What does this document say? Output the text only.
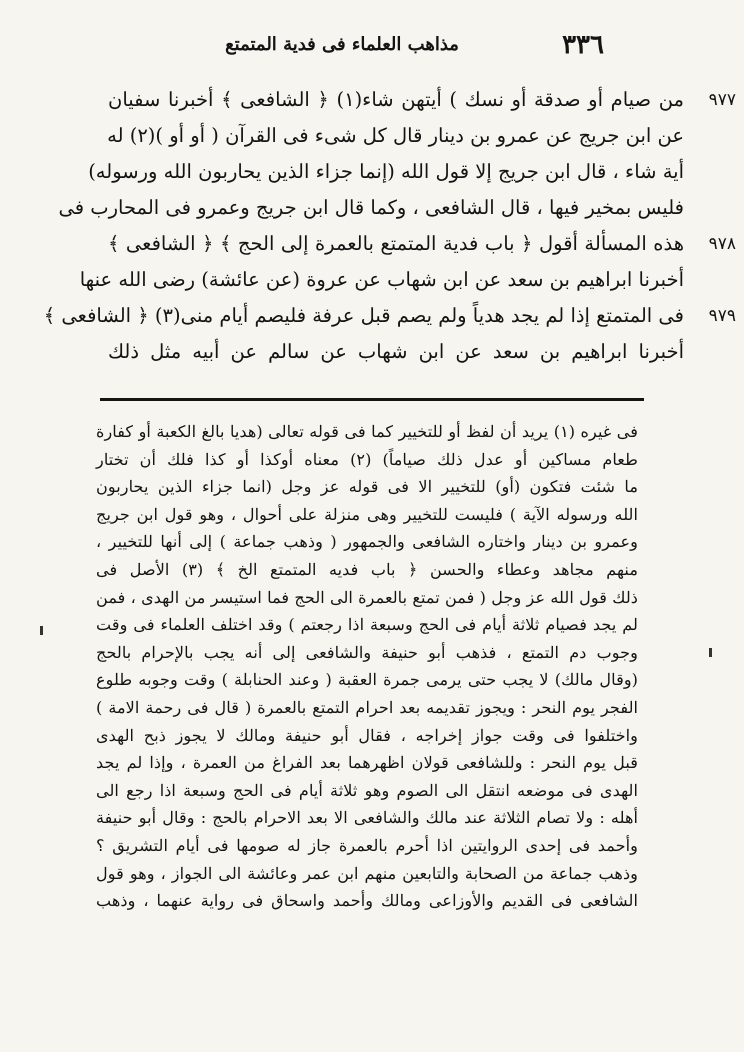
٣٣٦
مذاهب العلماء فى فدية المتمتع
٩٧٧
من صيام أو صدقة أو نسك ) أيتهن شاء(١) ﴿ الشافعى ﴾ أخبرنا سفيان
عن ابن جريج عن عمرو بن دينار قال كل شىء فى القرآن ( أو أو )(٢) له
أية شاء ، قال ابن جريج إلا قول الله (إنما جزاء الذين يحاربون الله ورسوله)
فليس بمخير فيها ، قال الشافعى ، وكما قال ابن جريج وعمرو فى المحارب فى
٩٧٨
هذه المسألة أقول ﴿ باب فدية المتمتع بالعمرة إلى الحج ﴾ ﴿ الشافعى ﴾
أخبرنا ابراهيم بن سعد عن ابن شهاب عن عروة (عن عائشة) رضى الله عنها
٩٧٩
فى المتمتع إذا لم يجد هدياً ولم يصم قبل عرفة فليصم أيام منى(٣) ﴿ الشافعى ﴾
أخبرنا ابراهيم بن سعد عن ابن شهاب عن سالم عن أبيه مثل ذلك
فى غيره (١) يريد أن لفظ أو للتخيير كما فى قوله تعالى (هديا بالغ الكعبة أو كفارة
طعام مساكين أو عدل ذلك صياماً) (٢) معناه أوكذا أو كذا فلك أن تختار
ما شئت فتكون (أو) للتخيير الا فى قوله عز وجل (انما جزاء الذين يحاربون
الله ورسوله الآية ) فليست للتخيير وهى منزلة على أحوال ، وهو قول ابن جريج
وعمرو بن دينار واختاره الشافعى والجمهور ( وذهب جماعة ) إلى أنها للتخيير ،
منهم مجاهد وعطاء والحسن ﴿ باب فديه المتمتع الخ ﴾ (٣) الأصل فى
ذلك قول الله عز وجل ( فمن تمتع بالعمرة الى الحج فما استيسر من الهدى ، فمن
لم يجد فصيام ثلاثة أيام فى الحج وسبعة اذا رجعتم ) وقد اختلف العلماء فى وقت
وجوب دم التمتع ، فذهب أبو حنيفة والشافعى إلى أنه يجب بالإحرام بالحج
(وقال مالك) لا يجب حتى يرمى جمرة العقبة ( وعند الحنابلة ) وقت وجوبه طلوع
الفجر يوم النحر : ويجوز تقديمه بعد احرام التمتع بالعمرة ( قال فى رحمة الامة )
واختلفوا فى وقت جواز إخراجه ، فقال أبو حنيفة ومالك لا يجوز ذبح الهدى
قبل يوم النحر : وللشافعى قولان اظهرهما بعد الفراغ من العمرة ، وإذا لم يجد
الهدى فى موضعه انتقل الى الصوم وهو ثلاثة أيام فى الحج وسبعة اذا رجع الى
أهله : ولا تصام الثلاثة عند مالك والشافعى الا بعد الاحرام بالحج : وقال أبو حنيفة
وأحمد فى إحدى الروايتين اذا أحرم بالعمرة جاز له صومها فى أيام التشريق ؟
وذهب جماعة من الصحابة والتابعين منهم ابن عمر وعائشة الى الجواز ، وهو قول
الشافعى فى القديم والأوزاعى ومالك وأحمد واسحاق فى رواية عنهما ، وذهب
